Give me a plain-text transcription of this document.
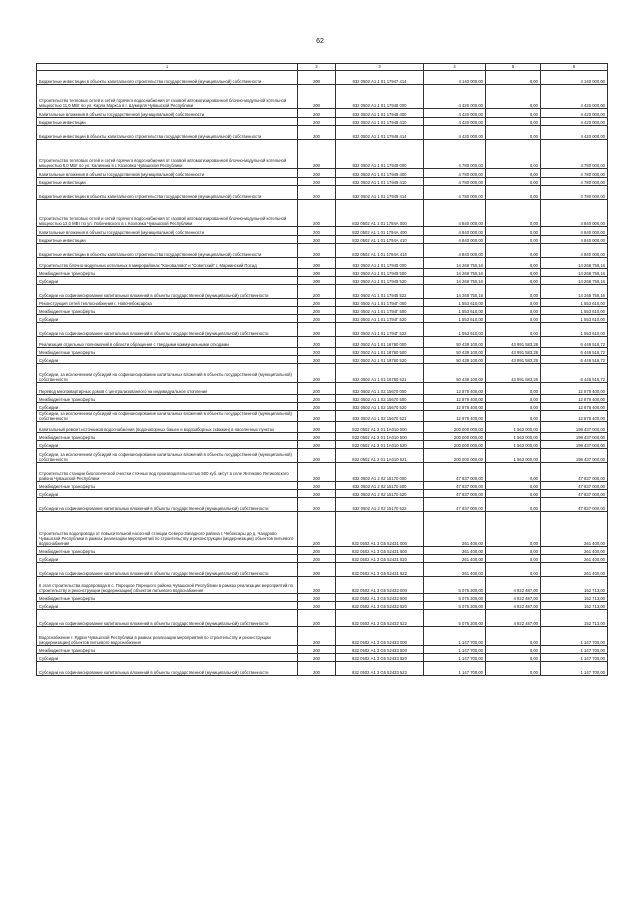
62
1	2	3	4	5	6
Бюджетные инвестиции в объекты капитального строительства государственной (муниципальной) собственности	200	832 0502 А1 1 01 17947 414	4 140 000,00	0,00	4 140 000,00
Строительство тепловых сетей и сетей горячего водоснабжения от газовой автоматизированной блочно-модульной котельной мощностью 11,0 МВт по ул. Карла Маркса в г. Шумерля Чувашской Республики	200	832 0502 А1 1 01 17948 000	4 420 000,00	0,00	4 420 000,00
Капитальные вложения в объекты государственной (муниципальной) собственности	200	832 0502 А1 1 01 17948 400	4 420 000,00	0,00	4 420 000,00
Бюджетные инвестиции	200	832 0502 А1 1 01 17948 410	4 420 000,00	0,00	4 420 000,00
Бюджетные инвестиции в объекты капитального строительства государственной (муниципальной) собственности	200	832 0502 А1 1 01 17948 414	4 420 000,00	0,00	4 420 000,00
Строительство тепловых сетей и сетей горячего водоснабжения от газовой автоматизированной блочно-модульной котельной мощностью 8,0 МВт по ул. Калинина в г. Козловка Чувашской Республики	200	832 0502 А1 1 01 17949 000	4 780 000,00	0,00	4 780 000,00
Капитальные вложения в объекты государственной (муниципальной) собственности	200	832 0502 А1 1 01 17949 400	4 780 000,00	0,00	4 780 000,00
Бюджетные инвестиции	200	832 0502 А1 1 01 17949 410	4 780 000,00	0,00	4 780 000,00
Бюджетные инвестиции в объекты капитального строительства государственной (муниципальной) собственности	200	832 0502 А1 1 01 17949 414	4 780 000,00	0,00	4 780 000,00
Строительство тепловых сетей и сетей горячего водоснабжения от газовой автоматизированной блочно-модульной котельной мощностью 12,0 МВт по ул. Лобачевского в г. Козловка Чувашской Республики	200	832 0502 А1 1 01 1794А 000	4 840 000,00	0,00	4 840 000,00
Капитальные вложения в объекты государственной (муниципальной) собственности	200	832 0502 А1 1 01 1794А 400	4 840 000,00	0,00	4 840 000,00
Бюджетные инвестиции	200	832 0502 А1 1 01 1794А 410	4 840 000,00	0,00	4 840 000,00
Бюджетные инвестиции в объекты капитального строительства государственной (муниципальной) собственности	200	832 0502 А1 1 01 1794А 414	4 840 000,00	0,00	4 840 000,00
Строительство блочно-модульных котельных в микрорайонах "Коновалово" и "Советский" г. Мариинский Посад	200	832 0502 А1 1 01 17945 000	14 268 750,16	0,00	14 268 750,16
Межбюджетные трансферты	200	832 0502 А1 1 01 17945 500	14 268 750,16	0,00	14 268 750,16
Субсидии	200	832 0502 А1 1 01 17945 520	14 268 750,16	0,00	14 268 750,16
Субсидии на софинансирование капитальных вложений в объекты государственной (муниципальной) собственности	200	832 0502 А1 1 01 17945 522	14 268 750,16	0,00	14 268 750,16
Реконструкция сетей теплоснабжения г. Новочебоксарска	200	832 0502 А1 1 01 1794Г 000	1 553 610,00	0,00	1 553 610,00
Межбюджетные трансферты	200	832 0502 А1 1 01 1794Г 500	1 553 610,00	0,00	1 553 610,00
Субсидии	200	832 0502 А1 1 01 1794Г 520	1 553 610,00	0,00	1 553 610,00
Субсидии на софинансирование капитальных вложений в объекты государственной (муниципальной) собственности	200	832 0502 А1 1 01 1794Г 522	1 553 610,00	0,00	1 553 610,00
Реализация отдельных полномочий в области обращения с твердыми коммунальными отходами	200	832 0502 А1 1 01 16760 000	50 438 100,00	43 991 583,28	6 446 516,72
Межбюджетные трансферты	200	832 0502 А1 1 01 16760 500	50 438 100,00	43 991 583,28	6 446 516,72
Субсидии	200	832 0502 А1 1 01 16760 520	50 438 100,00	43 991 583,28	6 446 516,72
Субсидии, за исключением субсидий на софинансирование капитальных вложений в объекты государственной (муниципальной) собственности	200	832 0502 А1 1 01 16760 521	50 438 100,00	43 991 583,28	6 446 516,72
Перевод многоквартирных домов с централизованного на индивидуальное отопление	200	832 0502 А1 1 02 15670 000	12 878 400,00	0,00	12 878 400,00
Межбюджетные трансферты	200	832 0502 А1 1 02 15670 500	12 878 400,00	0,00	12 878 400,00
Субсидии	200	832 0502 А1 1 02 15670 520	12 878 400,00	0,00	12 878 400,00
Субсидии, за исключением субсидий на софинансирование капитальных вложений в объекты государственной (муниципальной) собственности	200	832 0502 А1 1 02 15670 521	12 878 400,00	0,00	12 878 400,00
Капитальный ремонт источников водоснабжения (водонапорных башен и водозаборных скважин) в населенных пунктах	200	832 0502 А1 2 01 1А010 000	200 000 000,00	1 563 000,00	198 437 000,00
Межбюджетные трансферты	200	832 0502 А1 2 01 1А010 500	200 000 000,00	1 563 000,00	198 437 000,00
Субсидии	200	832 0502 А1 2 01 1А010 520	200 000 000,00	1 563 000,00	198 437 000,00
Субсидии, за исключением субсидий на софинансирование капитальных вложений в объекты государственной (муниципальной) собственности	200	832 0502 А1 2 01 1А010 521	200 000 000,00	1 563 000,00	198 437 000,00
Строительство станции биологической очистки сточных вод производительностью 500 куб. м/сут в селе Янтиково Янтиковского района Чувашской Республики	200	832 0502 А1 2 02 15170 000	47 837 000,00	0,00	47 837 000,00
Межбюджетные трансферты	200	832 0502 А1 2 02 15170 500	47 837 000,00	0,00	47 837 000,00
Субсидии	200	832 0502 А1 2 02 15170 520	47 837 000,00	0,00	47 837 000,00
Субсидии на софинансирование капитальных вложений в объекты государственной (муниципальной) собственности	200	832 0502 А1 2 02 15170 522	47 837 000,00	0,00	47 837 000,00
Строительство водопровода от повысительной насосной станции Северо-Западного района г. Чебоксары до д. Чандрово Чувашской Республики в рамках реализации мероприятий по строительству и реконструкции (модернизации) объектов питьевого водоснабжения	200	832 0502 А1 3 G5 52431 000	261 400,00	0,00	261 400,00
Межбюджетные трансферты	200	832 0502 А1 3 G5 52431 500	261 400,00	0,00	261 400,00
Субсидии	200	832 0502 А1 3 G5 52431 520	261 400,00	0,00	261 400,00
Субсидии на софинансирование капитальных вложений в объекты государственной (муниципальной) собственности	200	832 0502 А1 3 G5 52431 522	261 400,00	0,00	261 400,00
II этап строительства водопровода в с. Порецкое Порецкого района Чувашской Республики в рамках реализации мероприятий по строительству и реконструкции (модернизации) объектов питьевого водоснабжения	200	832 0502 А1 3 G5 52432 000	5 075 200,00	4 922 487,00	152 713,00
Межбюджетные трансферты	200	832 0502 А1 3 G5 52432 500	5 075 200,00	4 922 487,00	152 713,00
Субсидии	200	832 0502 А1 3 G5 52432 520	5 075 200,00	4 922 487,00	152 713,00
Субсидии на софинансирование капитальных вложений в объекты государственной (муниципальной) собственности	200	832 0502 А1 3 G5 52432 522	5 075 200,00	4 922 487,00	152 713,00
Водоснабжение г. Ядрин Чувашской Республики в рамках реализации мероприятий по строительству и реконструкции (модернизации) объектов питьевого водоснабжения	200	832 0502 А1 3 G5 52433 000	1 147 700,00	0,00	1 147 700,00
Межбюджетные трансферты	200	832 0502 А1 3 G5 52433 500	1 147 700,00	0,00	1 147 700,00
Субсидии	200	832 0502 А1 3 G5 52433 520	1 147 700,00	0,00	1 147 700,00
Субсидии на софинансирование капитальных вложений в объекты государственной (муниципальной) собственности	200	832 0502 А1 3 G5 52433 522	1 147 700,00	0,00	1 147 700,00
